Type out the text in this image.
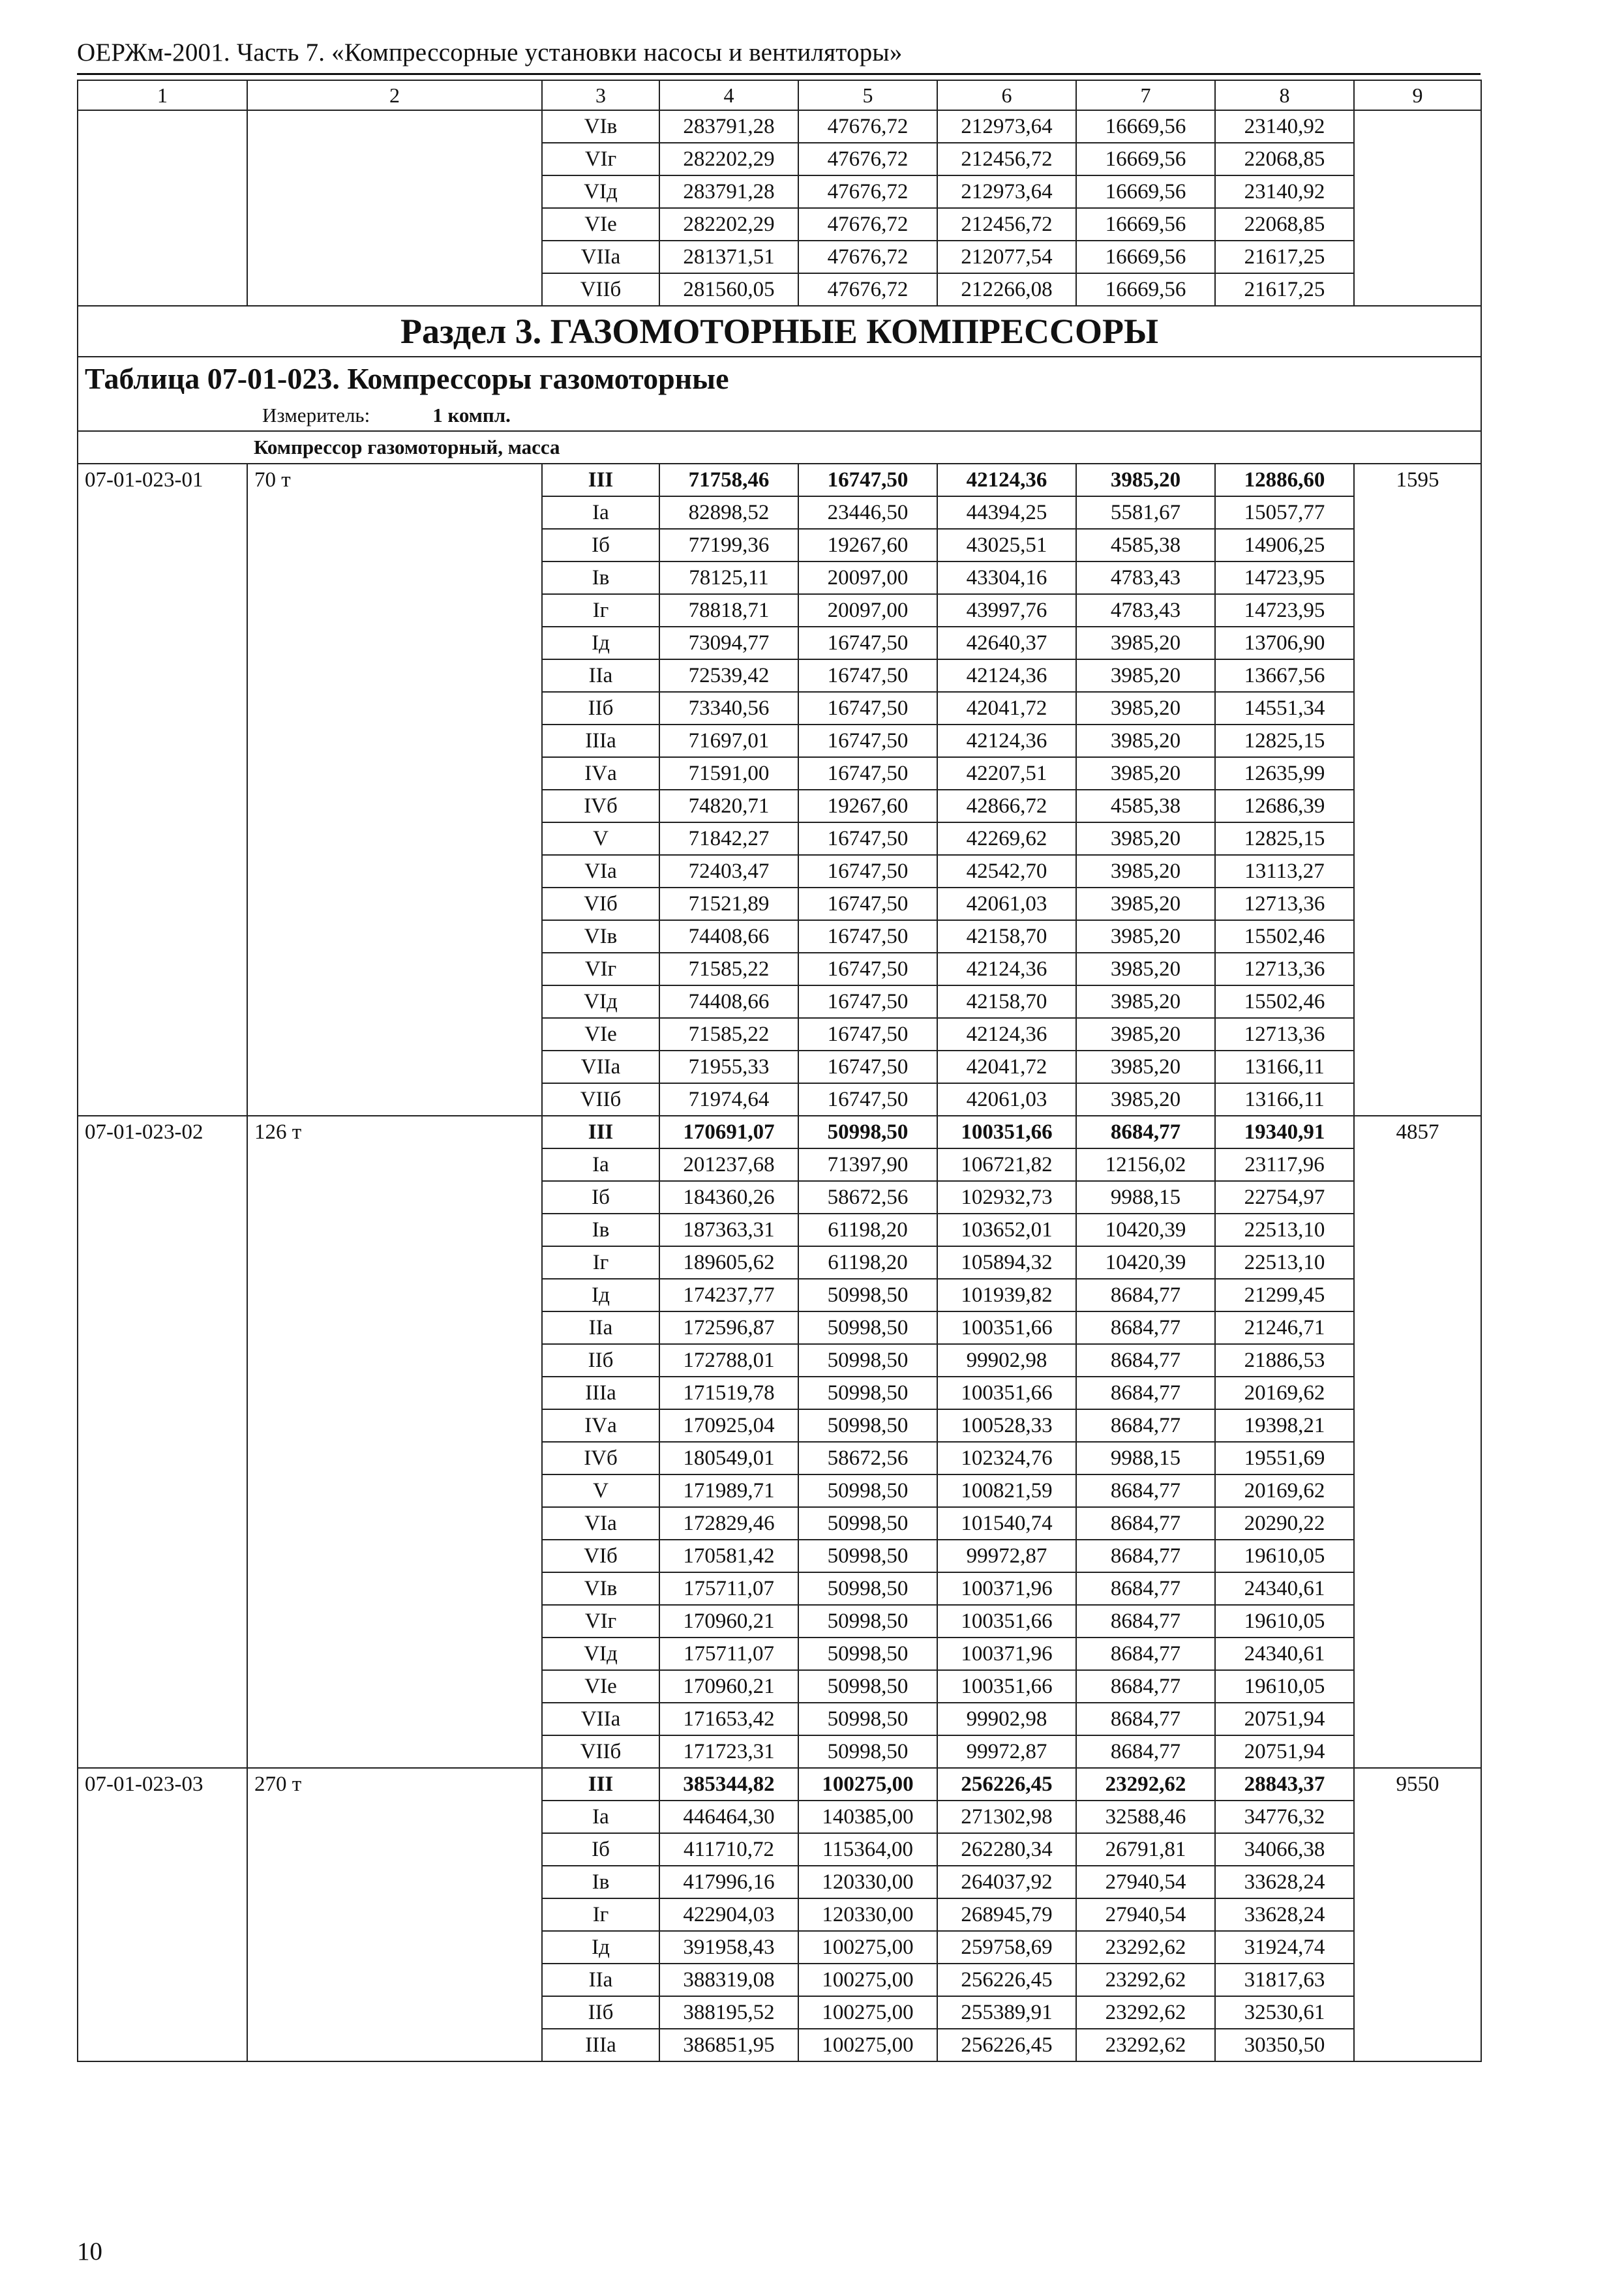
ОЕРЖм-2001. Часть 7. «Компрессорные установки насосы и вентиляторы»
1	2	3	4	5	6	7	8	9
		VIв	283791,28	47676,72	212973,64	16669,56	23140,92	
		VIг	282202,29	47676,72	212456,72	16669,56	22068,85	
		VIд	283791,28	47676,72	212973,64	16669,56	23140,92	
		VIе	282202,29	47676,72	212456,72	16669,56	22068,85	
		VIIа	281371,51	47676,72	212077,54	16669,56	21617,25	
		VIIб	281560,05	47676,72	212266,08	16669,56	21617,25	
Раздел 3. ГАЗОМОТОРНЫЕ КОМПРЕССОРЫ								
Таблица 07-01-023. Компрессоры газомоторные								
Измеритель: 1 компл.								
	Компрессор газомоторный, масса							
07-01-023-01	70 т	III	71758,46	16747,50	42124,36	3985,20	12886,60	1595
		Iа	82898,52	23446,50	44394,25	5581,67	15057,77	
		Iб	77199,36	19267,60	43025,51	4585,38	14906,25	
		Iв	78125,11	20097,00	43304,16	4783,43	14723,95	
		Iг	78818,71	20097,00	43997,76	4783,43	14723,95	
		Iд	73094,77	16747,50	42640,37	3985,20	13706,90	
		IIа	72539,42	16747,50	42124,36	3985,20	13667,56	
		IIб	73340,56	16747,50	42041,72	3985,20	14551,34	
		IIIа	71697,01	16747,50	42124,36	3985,20	12825,15	
		IVа	71591,00	16747,50	42207,51	3985,20	12635,99	
		IVб	74820,71	19267,60	42866,72	4585,38	12686,39	
		V	71842,27	16747,50	42269,62	3985,20	12825,15	
		VIа	72403,47	16747,50	42542,70	3985,20	13113,27	
		VIб	71521,89	16747,50	42061,03	3985,20	12713,36	
		VIв	74408,66	16747,50	42158,70	3985,20	15502,46	
		VIг	71585,22	16747,50	42124,36	3985,20	12713,36	
		VIд	74408,66	16747,50	42158,70	3985,20	15502,46	
		VIе	71585,22	16747,50	42124,36	3985,20	12713,36	
		VIIа	71955,33	16747,50	42041,72	3985,20	13166,11	
		VIIб	71974,64	16747,50	42061,03	3985,20	13166,11	
07-01-023-02	126 т	III	170691,07	50998,50	100351,66	8684,77	19340,91	4857
		Iа	201237,68	71397,90	106721,82	12156,02	23117,96	
		Iб	184360,26	58672,56	102932,73	9988,15	22754,97	
		Iв	187363,31	61198,20	103652,01	10420,39	22513,10	
		Iг	189605,62	61198,20	105894,32	10420,39	22513,10	
		Iд	174237,77	50998,50	101939,82	8684,77	21299,45	
		IIа	172596,87	50998,50	100351,66	8684,77	21246,71	
		IIб	172788,01	50998,50	99902,98	8684,77	21886,53	
		IIIа	171519,78	50998,50	100351,66	8684,77	20169,62	
		IVа	170925,04	50998,50	100528,33	8684,77	19398,21	
		IVб	180549,01	58672,56	102324,76	9988,15	19551,69	
		V	171989,71	50998,50	100821,59	8684,77	20169,62	
		VIа	172829,46	50998,50	101540,74	8684,77	20290,22	
		VIб	170581,42	50998,50	99972,87	8684,77	19610,05	
		VIв	175711,07	50998,50	100371,96	8684,77	24340,61	
		VIг	170960,21	50998,50	100351,66	8684,77	19610,05	
		VIд	175711,07	50998,50	100371,96	8684,77	24340,61	
		VIе	170960,21	50998,50	100351,66	8684,77	19610,05	
		VIIа	171653,42	50998,50	99902,98	8684,77	20751,94	
		VIIб	171723,31	50998,50	99972,87	8684,77	20751,94	
07-01-023-03	270 т	III	385344,82	100275,00	256226,45	23292,62	28843,37	9550
		Iа	446464,30	140385,00	271302,98	32588,46	34776,32	
		Iб	411710,72	115364,00	262280,34	26791,81	34066,38	
		Iв	417996,16	120330,00	264037,92	27940,54	33628,24	
		Iг	422904,03	120330,00	268945,79	27940,54	33628,24	
		Iд	391958,43	100275,00	259758,69	23292,62	31924,74	
		IIа	388319,08	100275,00	256226,45	23292,62	31817,63	
		IIб	388195,52	100275,00	255389,91	23292,62	32530,61	
		IIIа	386851,95	100275,00	256226,45	23292,62	30350,50	
10
